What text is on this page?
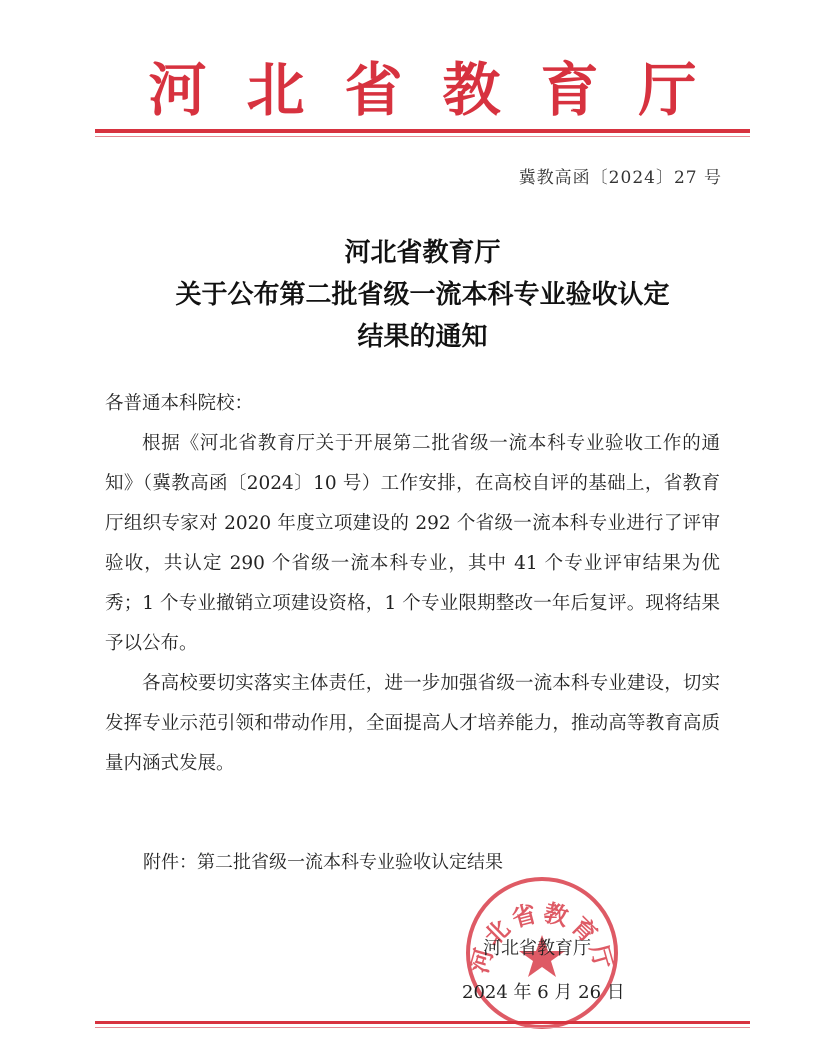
河北省教育厅
冀教高函〔2024〕27 号
河北省教育厅
关于公布第二批省级一流本科专业验收认定
结果的通知

各普通本科院校：

根据《河北省教育厅关于开展第二批省级一流本科专业验收工作的通知》（冀教高函〔2024〕10 号）工作安排，在高校自评的基础上，省教育厅组织专家对 2020 年度立项建设的 292 个省级一流本科专业进行了评审验收，共认定 290 个省级一流本科专业，其中 41 个专业评审结果为优秀；1 个专业撤销立项建设资格，1 个专业限期整改一年后复评。现将结果予以公布。

各高校要切实落实主体责任，进一步加强省级一流本科专业建设，切实发挥专业示范引领和带动作用，全面提高人才培养能力，推动高等教育高质量内涵式发展。

附件：第二批省级一流本科专业验收认定结果
河北省教育厅
河北省教育厅
2024 年 6 月 26 日
